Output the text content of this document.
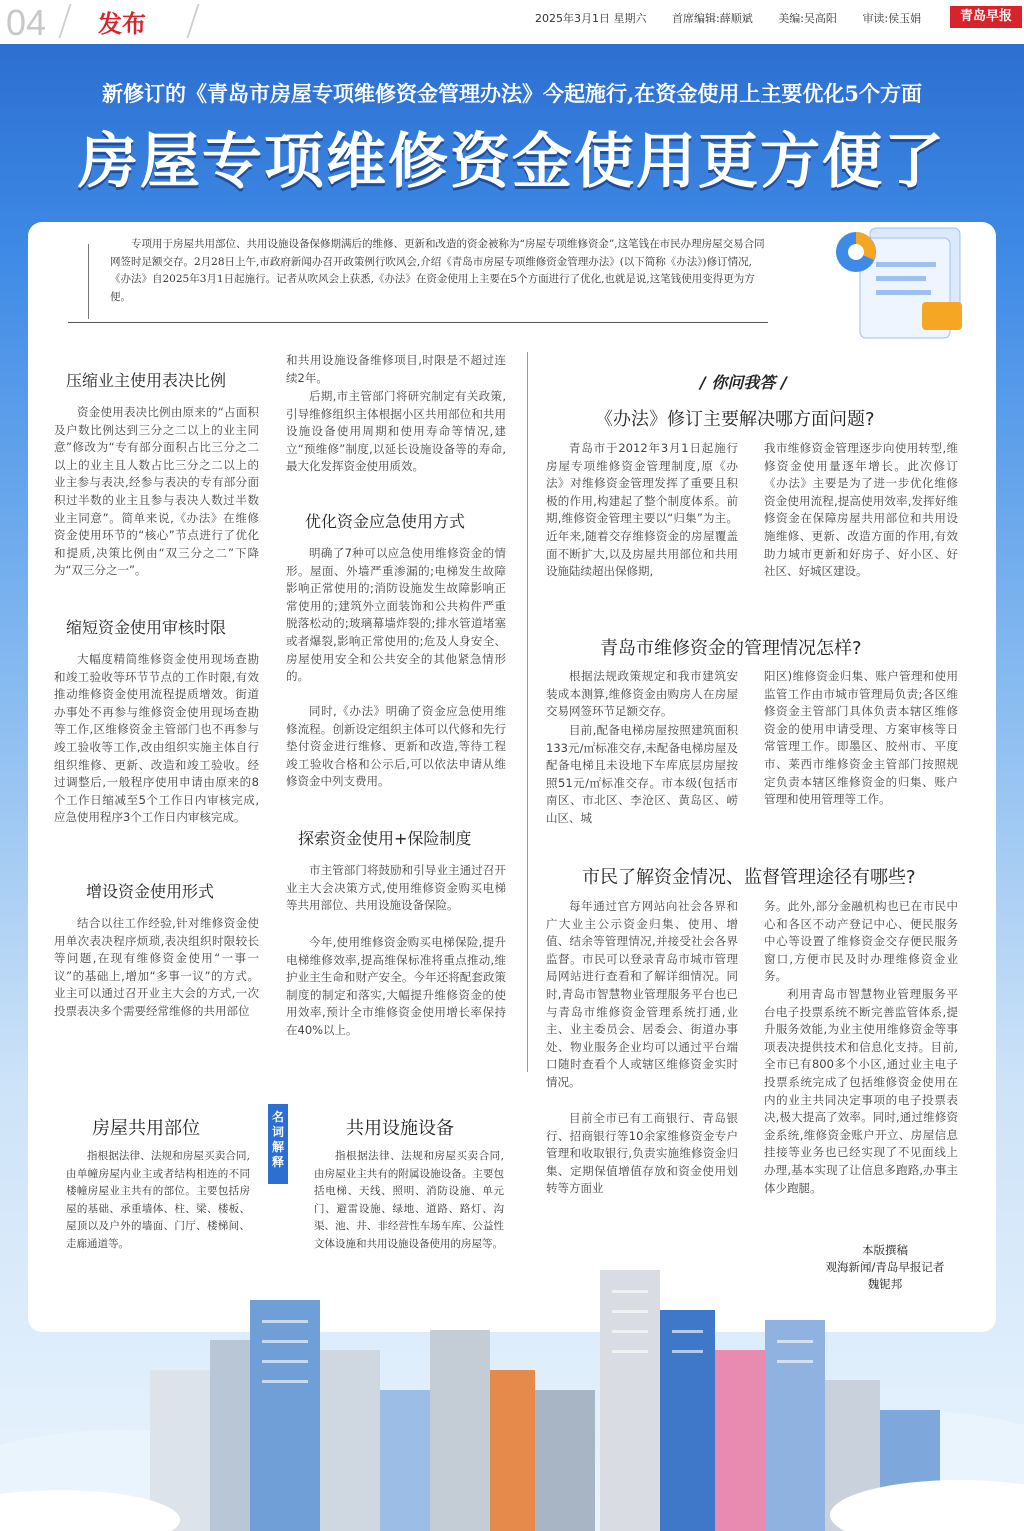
04 发布	2025年3月1日 星期六 首席编辑:薛顺斌 美编:吴高阳 审读:侯玉娟	青岛早报
新修订的《青岛市房屋专项维修资金管理办法》今起施行,在资金使用上主要优化5个方面
房屋专项维修资金使用更方便了
专项用于房屋共用部位、共用设施设备保修期满后的维修、更新和改造的资金被称为“房屋专项维修资金”,这笔钱在市民办理房屋交易合同网签时足额交存。2月28日上午,市政府新闻办召开政策例行吹风会,介绍《青岛市房屋专项维修资金管理办法》(以下简称《办法》)修订情况,《办法》自2025年3月1日起施行。记者从吹风会上获悉,《办法》在资金使用上主要在5个方面进行了优化,也就是说,这笔钱使用变得更为方便。
压缩业主使用表决比例
资金使用表决比例由原来的“占面积及户数比例达到三分之二以上的业主同意”修改为“专有部分面积占比三分之二以上的业主且人数占比三分之二以上的业主参与表决,经参与表决的专有部分面积过半数的业主且参与表决人数过半数业主同意”。简单来说,《办法》在维修资金使用环节的“核心”节点进行了优化和提质,决策比例由“双三分之二”下降为“双三分之一”。
缩短资金使用审核时限
大幅度精简维修资金使用现场查勘和竣工验收等环节节点的工作时限,有效推动维修资金使用流程提质增效。街道办事处不再参与维修资金使用现场查勘等工作,区维修资金主管部门也不再参与竣工验收等工作,改由组织实施主体自行组织维修、更新、改造和竣工验收。经过调整后,一般程序使用申请由原来的8个工作日缩减至5个工作日内审核完成,应急使用程序3个工作日内审核完成。
增设资金使用形式
结合以往工作经验,针对维修资金使用单次表决程序烦琐,表决组织时限较长等问题,在现有维修资金使用“一事一议”的基础上,增加“多事一议”的方式。业主可以通过召开业主大会的方式,一次投票表决多个需要经常维修的共用部位
和共用设施设备维修项目,时限是不超过连续2年。
后期,市主管部门将研究制定有关政策,引导维修组织主体根据小区共用部位和共用设施设备使用周期和使用寿命等情况,建立“预维修”制度,以延长设施设备等的寿命,最大化发挥资金使用质效。
优化资金应急使用方式
明确了7种可以应急使用维修资金的情形。屋面、外墙严重渗漏的;电梯发生故障影响正常使用的;消防设施发生故障影响正常使用的;建筑外立面装饰和公共构件严重脱落松动的;玻璃幕墙炸裂的;排水管道堵塞或者爆裂,影响正常使用的;危及人身安全、房屋使用安全和公共安全的其他紧急情形的。
同时,《办法》明确了资金应急使用维修流程。创新设定组织主体可以代修和先行垫付资金进行维修、更新和改造,等待工程竣工验收合格和公示后,可以依法申请从维修资金中列支费用。
探索资金使用+保险制度
市主管部门将鼓励和引导业主通过召开业主大会决策方式,使用维修资金购买电梯等共用部位、共用设施设备保险。
今年,使用维修资金购买电梯保险,提升电梯维修效率,提高维保标准将重点推动,维护业主生命和财产安全。今年还将配套政策制度的制定和落实,大幅提升维修资金的使用效率,预计全市维修资金使用增长率保持在40%以上。
/ 你问我答 /
《办法》修订主要解决哪方面问题?
青岛市于2012年3月1日起施行房屋专项维修资金管理制度,原《办法》对维修资金管理发挥了重要且积极的作用,构建起了整个制度体系。前期,维修资金管理主要以“归集”为主。近年来,随着交存维修资金的房屋覆盖面不断扩大,以及房屋共用部位和共用设施陆续超出保修期,
我市维修资金管理逐步向使用转型,维修资金使用量逐年增长。此次修订《办法》主要是为了进一步优化维修资金使用流程,提高使用效率,发挥好维修资金在保障房屋共用部位和共用设施维修、更新、改造方面的作用,有效助力城市更新和好房子、好小区、好社区、好城区建设。
青岛市维修资金的管理情况怎样?
根据法规政策规定和我市建筑安装成本测算,维修资金由购房人在房屋交易网签环节足额交存。
目前,配备电梯房屋按照建筑面积133元/㎡标准交存,未配备电梯房屋及配备电梯且未设地下车库底层房屋按照51元/㎡标准交存。市本级(包括市南区、市北区、李沧区、黄岛区、崂山区、城
阳区)维修资金归集、账户管理和使用监管工作由市城市管理局负责;各区维修资金主管部门具体负责本辖区维修资金的使用申请受理、方案审核等日常管理工作。即墨区、胶州市、平度市、莱西市维修资金主管部门按照规定负责本辖区维修资金的归集、账户管理和使用管理等工作。
市民了解资金情况、监督管理途径有哪些?
每年通过官方网站向社会各界和广大业主公示资金归集、使用、增值、结余等管理情况,并接受社会各界监督。市民可以登录青岛市城市管理局网站进行查看和了解详细情况。同时,青岛市智慧物业管理服务平台也已与青岛市维修资金管理系统打通,业主、业主委员会、居委会、街道办事处、物业服务企业均可以通过平台端口随时查看个人或辖区维修资金实时情况。
目前全市已有工商银行、青岛银行、招商银行等10余家维修资金专户管理和收取银行,负责实施维修资金归集、定期保值增值存放和资金使用划转等方面业
务。此外,部分金融机构也已在市民中心和各区不动产登记中心、便民服务中心等设置了维修资金交存便民服务窗口,方便市民及时办理维修资金业务。
利用青岛市智慧物业管理服务平台电子投票系统不断完善监管体系,提升服务效能,为业主使用维修资金等事项表决提供技术和信息化支持。目前,全市已有800多个小区,通过业主电子投票系统完成了包括维修资金使用在内的业主共同决定事项的电子投票表决,极大提高了效率。同时,通过维修资金系统,维修资金账户开立、房屋信息挂接等业务也已经实现了不见面线上办理,基本实现了让信息多跑路,办事主体少跑腿。
房屋共用部位
指根据法律、法规和房屋买卖合同,由单幢房屋内业主或者结构相连的不同楼幢房屋业主共有的部位。主要包括房屋的基础、承重墙体、柱、梁、楼板、屋顶以及户外的墙面、门厅、楼梯间、走廊通道等。
名词解释
共用设施设备
指根据法律、法规和房屋买卖合同,由房屋业主共有的附属设施设备。主要包括电梯、天线、照明、消防设施、单元门、避雷设施、绿地、道路、路灯、沟渠、池、井、非经营性车场车库、公益性文体设施和共用设施设备使用的房屋等。	本版撰稿
观海新闻/青岛早报记者
魏铌邦
